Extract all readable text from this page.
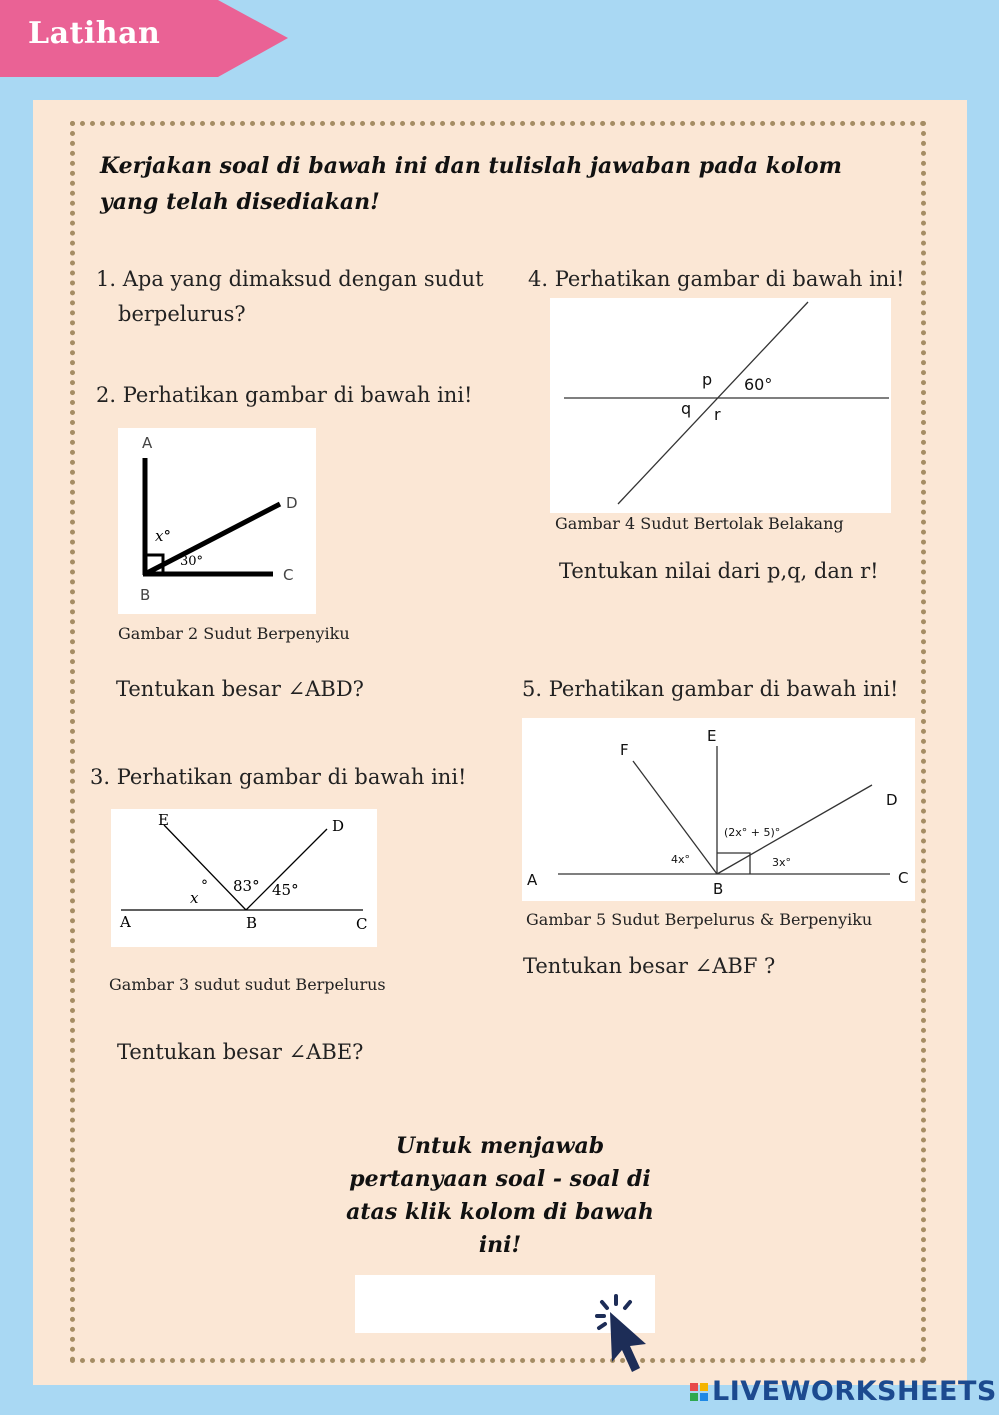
Latihan
Kerjakan soal di bawah ini dan tulislah jawaban pada kolom yang telah disediakan!
1. Apa yang dimaksud dengan sudut
berpelurus?
2. Perhatikan gambar di bawah ini!
A
B
C
D
x°
30°
Gambar 2 Sudut Berpenyiku
Tentukan besar ∠ABD?
3. Perhatikan gambar di bawah ini!
E	D
A	B	C
x
° 83° 45°
Gambar 3 sudut sudut Berpelurus
Tentukan besar ∠ABE?
4. Perhatikan gambar di bawah ini!
p 60°
q r
Gambar 4 Sudut Bertolak Belakang
Tentukan nilai dari p,q, dan r!
5. Perhatikan gambar di bawah ini!
E
F
D
A	C
B
(2x° + 5)°
4x°	3x°
Gambar 5 Sudut Berpelurus & Berpenyiku
Tentukan besar ∠ABF ?
Untuk menjawab pertanyaan soal - soal di atas klik kolom di bawah ini!
LIVEWORKSHEETS
